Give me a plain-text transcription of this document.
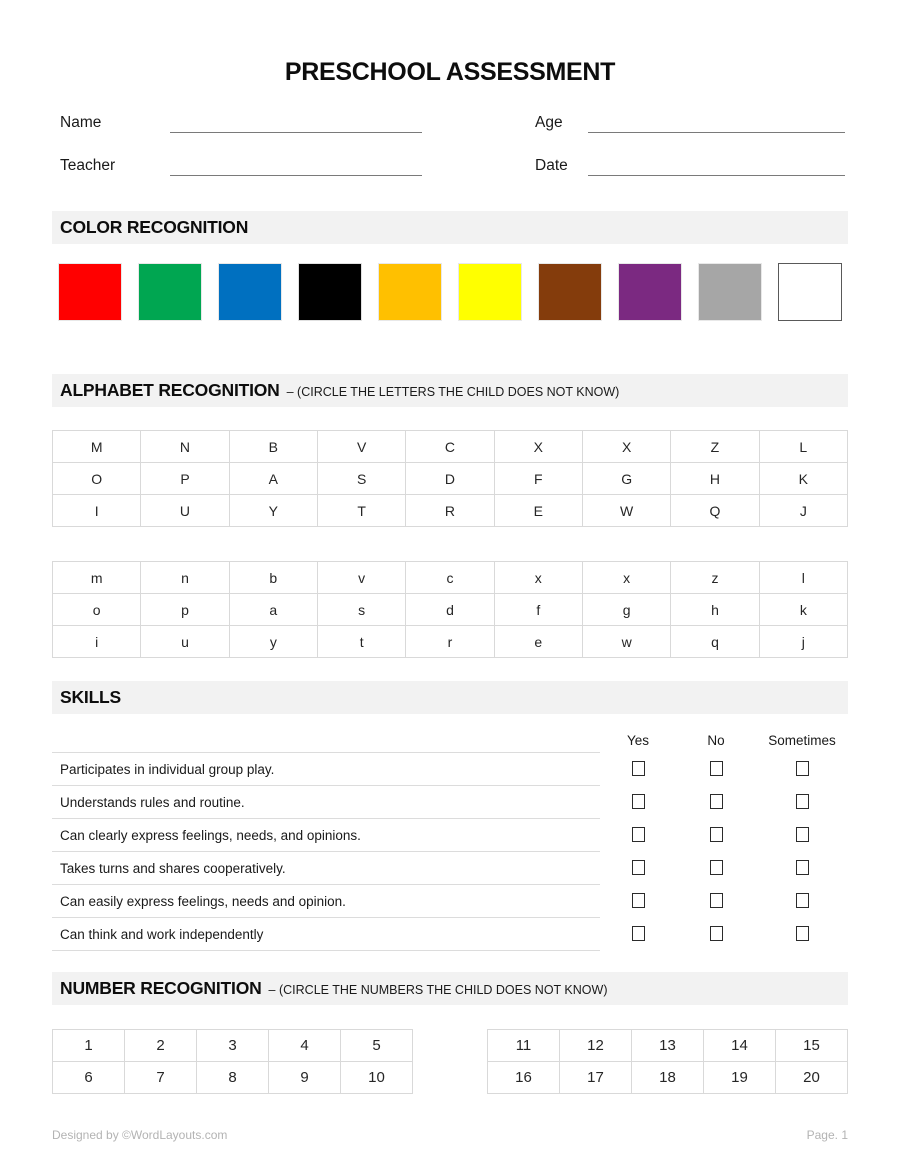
PRESCHOOL ASSESSMENT
Name	Age
Teacher	Date
COLOR RECOGNITION
ALPHABET RECOGNITION – (CIRCLE THE LETTERS THE CHILD DOES NOT KNOW)
M	N	B	V	C	X	X	Z	L
O	P	A	S	D	F	G	H	K
I	U	Y	T	R	E	W	Q	J
m	n	b	v	c	x	x	z	l
o	p	a	s	d	f	g	h	k
i	u	y	t	r	e	w	q	j
SKILLS
Yes	No	Sometimes
Participates in individual group play.
Understands rules and routine.
Can clearly express feelings, needs, and opinions.
Takes turns and shares cooperatively.
Can easily express feelings, needs and opinion.
Can think and work independently
NUMBER RECOGNITION – (CIRCLE THE NUMBERS THE CHILD DOES NOT KNOW)
1	2	3	4	5
6	7	8	9	10
11	12	13	14	15
16	17	18	19	20
Designed by ©WordLayouts.com	Page. 1
